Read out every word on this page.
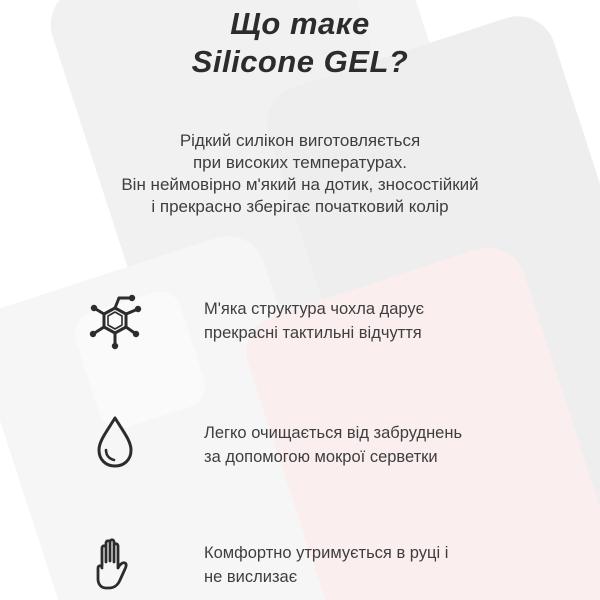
Що таке
Silicone GEL?
Рідкий силікон виготовляється
при високих температурах.
Він неймовірно м'який на дотик, зносостійкий
і прекрасно зберігає початковий колір
М'яка структура чохла дарує
прекрасні тактильні відчуття
Легко очищається від забруднень
за допомогою мокрої серветки
Комфортно утримується в руці і
не вислизає
